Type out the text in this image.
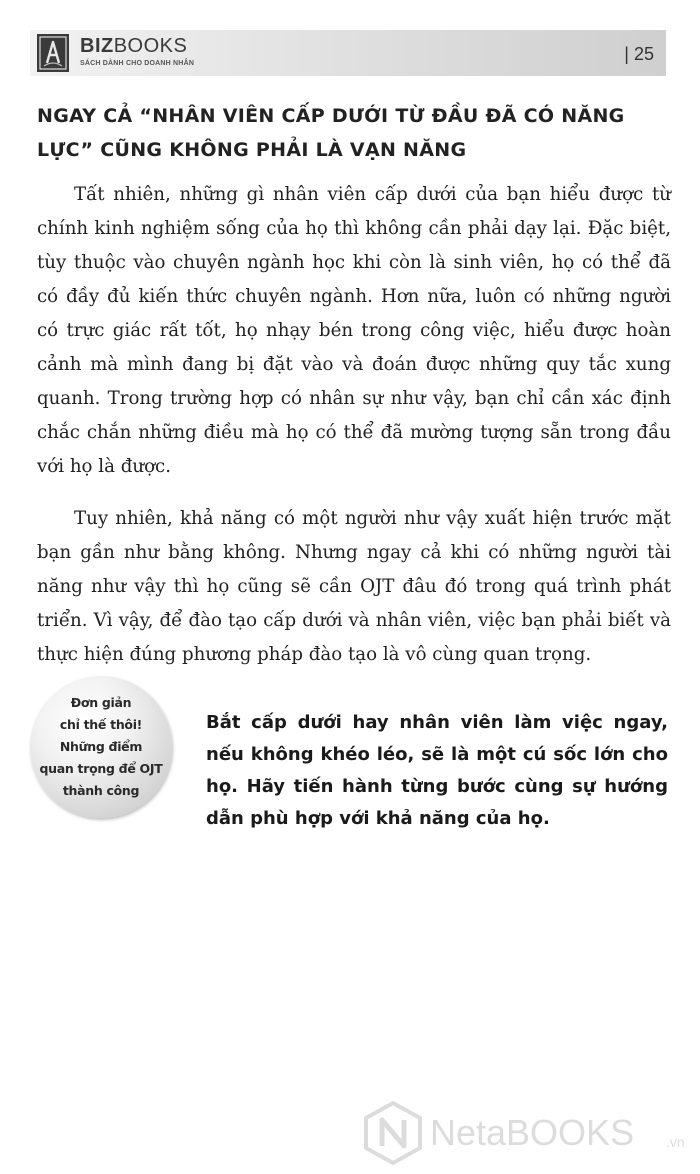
BIZBOOKS
SÁCH DÀNH CHO DOANH NHÂN	| 25
NGAY CẢ “NHÂN VIÊN CẤP DƯỚI TỪ ĐẦU ĐÃ CÓ NĂNG LỰC” CŨNG KHÔNG PHẢI LÀ VẠN NĂNG

Tất nhiên, những gì nhân viên cấp dưới của bạn hiểu được từ chính kinh nghiệm sống của họ thì không cần phải dạy lại. Đặc biệt, tùy thuộc vào chuyên ngành học khi còn là sinh viên, họ có thể đã có đầy đủ kiến thức chuyên ngành. Hơn nữa, luôn có những người có trực giác rất tốt, họ nhạy bén trong công việc, hiểu được hoàn cảnh mà mình đang bị đặt vào và đoán được những quy tắc xung quanh. Trong trường hợp có nhân sự như vậy, bạn chỉ cần xác định chắc chắn những điều mà họ có thể đã mường tượng sẵn trong đầu với họ là được.

Tuy nhiên, khả năng có một người như vậy xuất hiện trước mặt bạn gần như bằng không. Nhưng ngay cả khi có những người tài năng như vậy thì họ cũng sẽ cần OJT đâu đó trong quá trình phát triển. Vì vậy, để đào tạo cấp dưới và nhân viên, việc bạn phải biết và thực hiện đúng phương pháp đào tạo là vô cùng quan trọng.

Đơn giản
chỉ thế thôi!
Những điểm
quan trọng để OJT
thành công

Bắt cấp dưới hay nhân viên làm việc ngay, nếu không khéo léo, sẽ là một cú sốc lớn cho họ. Hãy tiến hành từng bước cùng sự hướng dẫn phù hợp với khả năng của họ.

NetaBOOKS .vn
